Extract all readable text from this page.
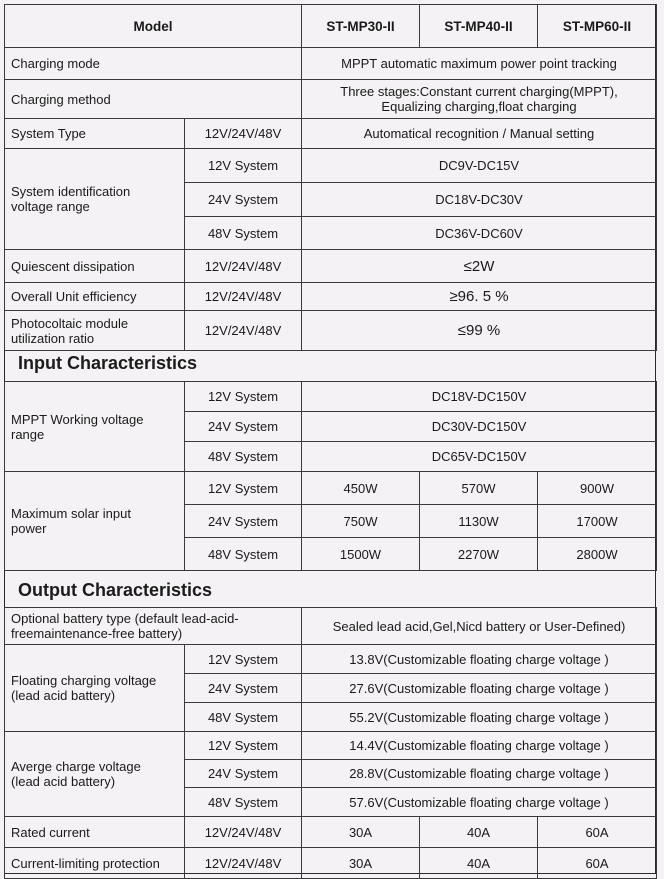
Model		ST-MP30-II	ST-MP40-II	ST-MP60-II
Charging mode		MPPT automatic maximum power point tracking		
Charging method		Three stages:Constant current charging(MPPT),
Equalizing charging,float charging		

System Type	12V/24V/48V	Automatical recognition / Manual setting		

System identification
voltage range	12V System	DC9V-DC15V		
	24V System	DC18V-DC30V		
	48V System	DC36V-DC60V		
Quiescent dissipation	12V/24V/48V	≤2W		
Overall Unit efficiency	12V/24V/48V	≥96. 5 %		

Photocoltaic module
utilization ratio	12V/24V/48V	≤99 %		
Input Characteristics
MPPT Working voltage
range	12V System	DC18V-DC150V		
	24V System	DC30V-DC150V		
	48V System	DC65V-DC150V		

Maximum solar input
power	12V System	450W	570W	900W
	24V System	750W	1130W	1700W
	48V System	1500W	2270W	2800W
Output Characteristics
Optional battery type (default lead-acid-
freemaintenance-free battery)		Sealed lead acid,Gel,Nicd battery or User-Defined)		

Floating charging voltage
(lead acid battery)	12V System	13.8V(Customizable floating charge voltage )		
	24V System	27.6V(Customizable floating charge voltage )		
	48V System	55.2V(Customizable floating charge voltage )		

Averge charge voltage
(lead acid battery)	12V System	14.4V(Customizable floating charge voltage )		
	24V System	28.8V(Customizable floating charge voltage )		
	48V System	57.6V(Customizable floating charge voltage )		
Rated current	12V/24V/48V	30A	40A	60A
Current-limiting protection	12V/24V/48V	30A	40A	60A
